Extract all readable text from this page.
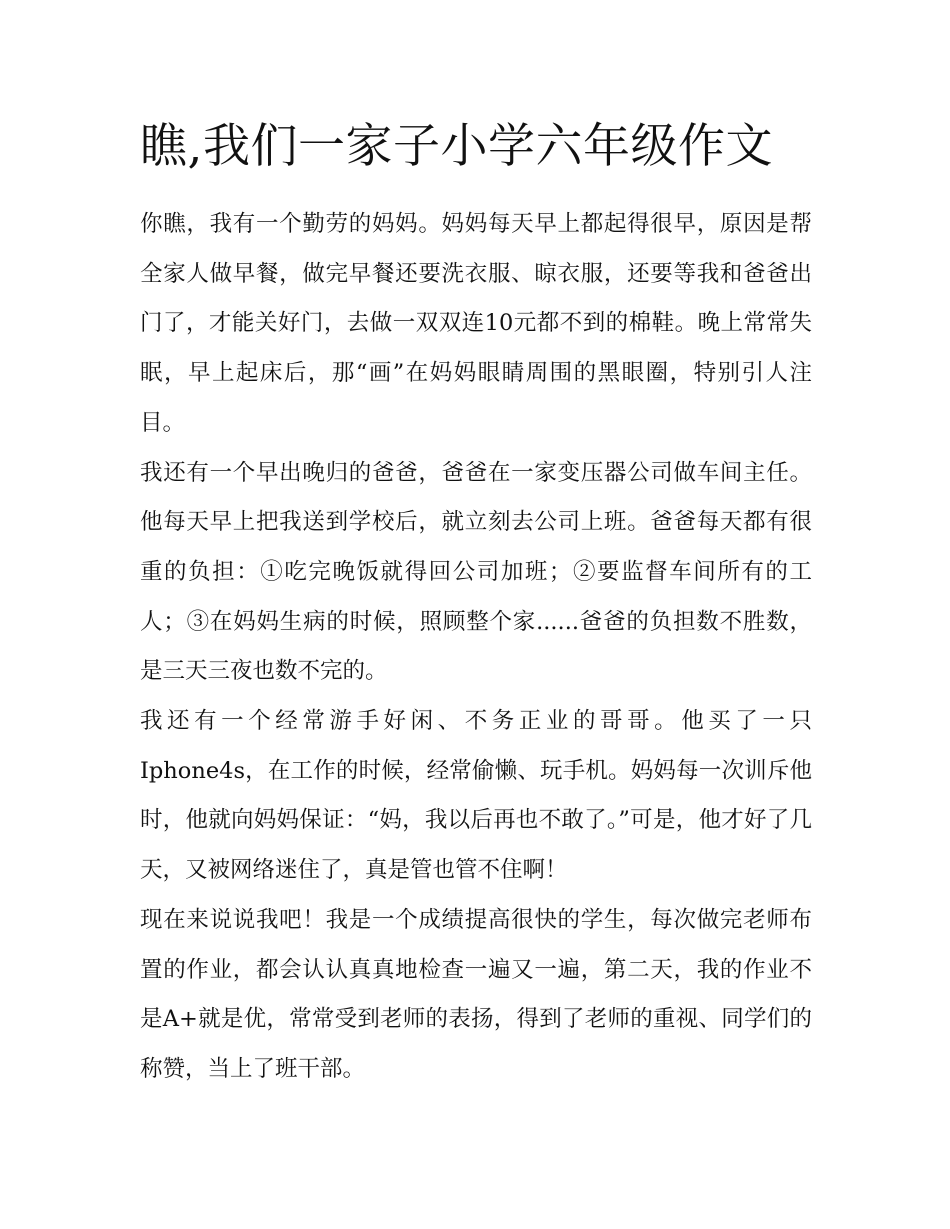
瞧,我们一家子小学六年级作文

你瞧，我有一个勤劳的妈妈。妈妈每天早上都起得很早，原因是帮全家人做早餐，做完早餐还要洗衣服、晾衣服，还要等我和爸爸出门了，才能关好门，去做一双双连10元都不到的棉鞋。晚上常常失眠，早上起床后，那“画”在妈妈眼睛周围的黑眼圈，特别引人注目。

我还有一个早出晚归的爸爸，爸爸在一家变压器公司做车间主任。他每天早上把我送到学校后，就立刻去公司上班。爸爸每天都有很重的负担：①吃完晚饭就得回公司加班；②要监督车间所有的工人；③在妈妈生病的时候，照顾整个家......爸爸的负担数不胜数，是三天三夜也数不完的。

我还有一个经常游手好闲、不务正业的哥哥。他买了一只Iphone4s，在工作的时候，经常偷懒、玩手机。妈妈每一次训斥他时，他就向妈妈保证：“妈，我以后再也不敢了。”可是，他才好了几天，又被网络迷住了，真是管也管不住啊！

现在来说说我吧！我是一个成绩提高很快的学生，每次做完老师布置的作业，都会认认真真地检查一遍又一遍，第二天，我的作业不是A+就是优，常常受到老师的表扬，得到了老师的重视、同学们的称赞，当上了班干部。
